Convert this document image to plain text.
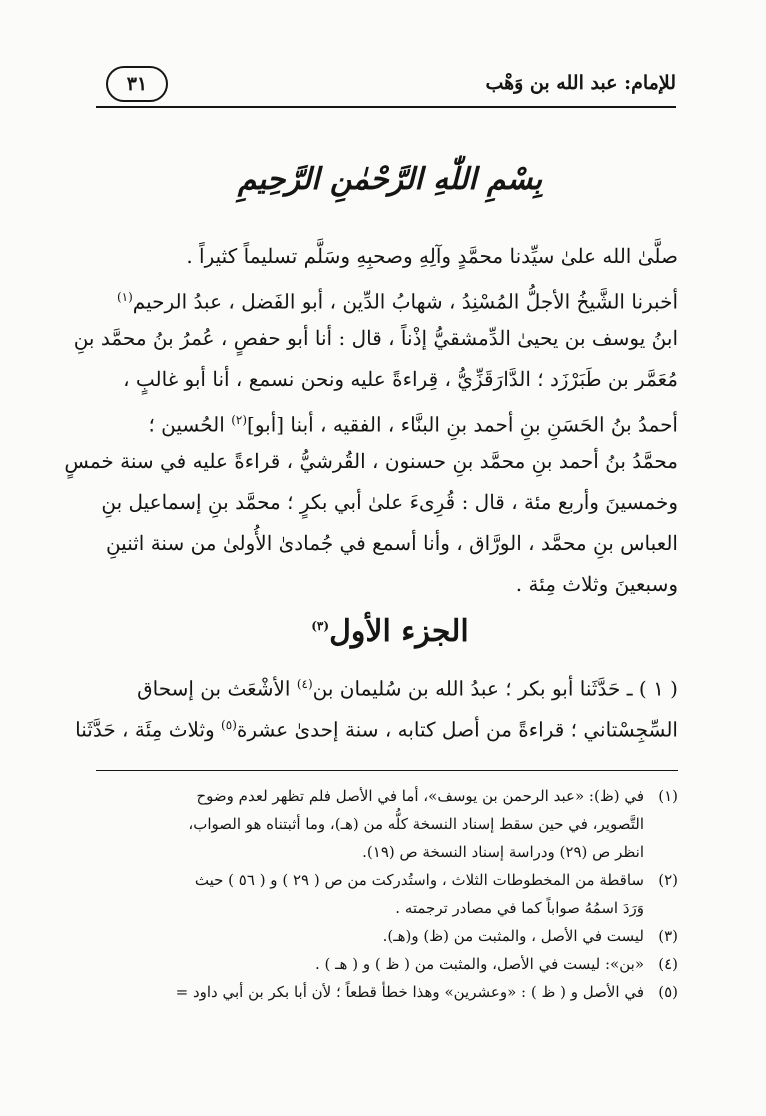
للإمام: عبد الله بن وَهْب
٣١
بِسْمِ اللّٰهِ الرَّحْمٰنِ الرَّحِيمِ
صلَّىٰ الله علىٰ سيِّدنا محمَّدٍ وآلِهِ وصحبِهِ وسَلَّم تسليماً كثيراً .
أخبرنا الشَّيخُ الأجلُّ المُسْنِدُ ، شهابُ الدِّين ، أبو الفَضل ، عبدُ الرحيم$^{(١)}$
ابنُ يوسف بن يحيىٰ الدِّمشقيُّ إذْناً ، قال : أنا أبو حفصٍ ، عُمرُ بنُ محمَّد بنِ
مُعَمَّر بن طَبَرْزَد ؛ الدَّارَقَزِّيُّ ، قِراءةً عليه ونحن نسمع ، أنا أبو غالبٍ ،
أحمدُ بنُ الحَسَنِ بنِ أحمد بنِ البنَّاء ، الفقيه ، أبنا [أبو]$^{(٢)}$ الحُسين ؛
محمَّدُ بنُ أحمد بنِ محمَّد بنِ حسنون ، القُرشيُّ ، قراءةً عليه في سنة خمسٍ
وخمسينَ وأربع مئة ، قال : قُرِىءَ علىٰ أبي بكرٍ ؛ محمَّد بنِ إسماعيل بنِ
العباس بنِ محمَّد ، الورَّاق ، وأنا أسمع في جُمادىٰ الأُولىٰ من سنة اثنينِ
وسبعينَ وثلاث مِئة .
الجزء الأول$^{(٣)}$
( ١ ) ـ حَدَّثَنا أبو بكر ؛ عبدُ الله بن سُليمان بن$^{(٤)}$ الأشْعَث بن إسحاق
السِّجِسْتاني ؛ قراءةً من أصل كتابه ، سنة إحدىٰ عشرة$^{(٥)}$ وثلاث مِئَة ، حَدَّثَنا
(١)
في (ظ): «عبد الرحمن بن يوسف»، أما في الأصل فلم تظهر لعدم وضوح
التَّصوير، في حين سقط إسناد النسخة كلُّه من (هـ)، وما أثبتناه هو الصواب،
انظر ص (٢٩) ودراسة إسناد النسخة ص (١٩).
(٢)
ساقطة من المخطوطات الثلاث ، واستُدركت من ص ( ٢٩ ) و ( ٥٦ ) حيث
وَرَدَ اسمُهُ صواباً كما في مصادر ترجمته .
(٣)
ليست في الأصل ، والمثبت من (ظ) و(هـ).
(٤)
«بن»: ليست في الأصل، والمثبت من ( ظ ) و ( هـ ) .
(٥)
في الأصل و ( ظ ) : «وعشرين» وهذا خطأ قطعاً ؛ لأن أبا بكر بن أبي داود =
